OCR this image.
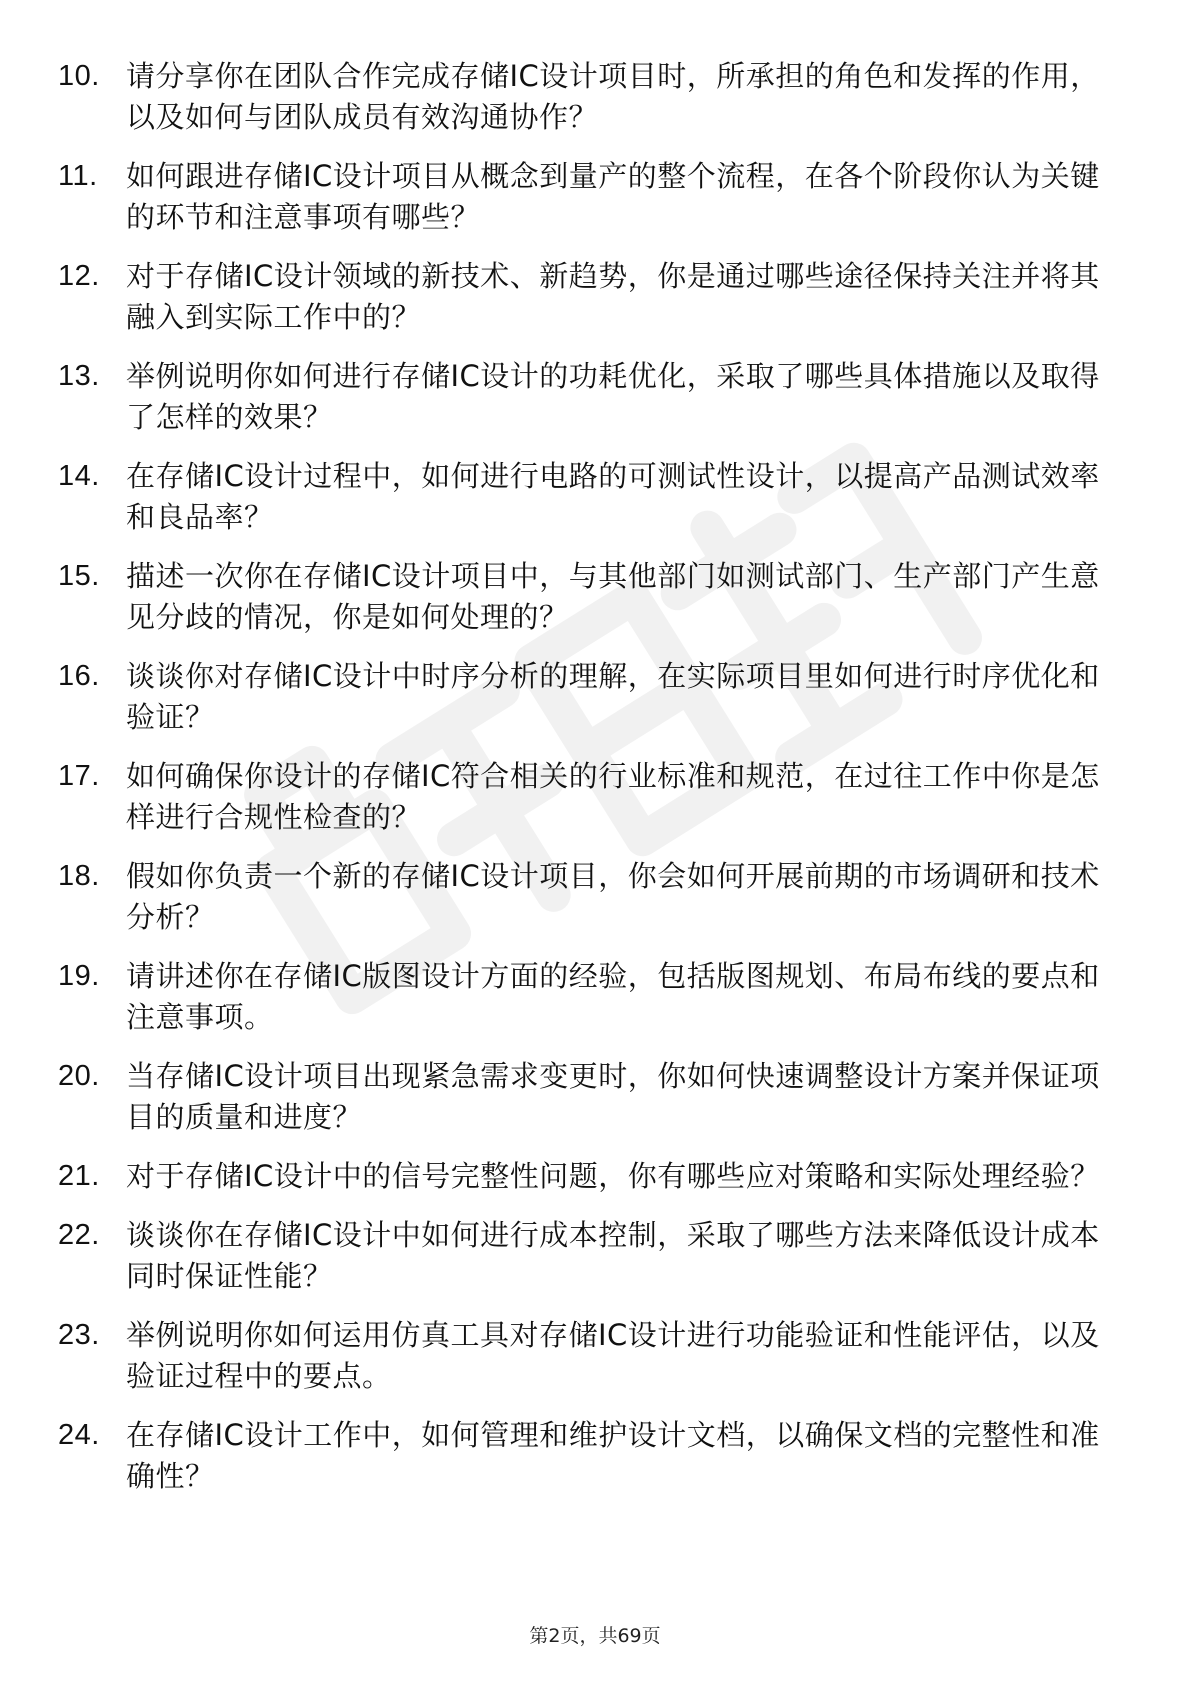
10. 请分享你在团队合作完成存储IC设计项目时，所承担的角色和发挥的作用，以及如何与团队成员有效沟通协作？
11. 如何跟进存储IC设计项目从概念到量产的整个流程，在各个阶段你认为关键的环节和注意事项有哪些？
12. 对于存储IC设计领域的新技术、新趋势，你是通过哪些途径保持关注并将其融入到实际工作中的？
13. 举例说明你如何进行存储IC设计的功耗优化，采取了哪些具体措施以及取得了怎样的效果？
14. 在存储IC设计过程中，如何进行电路的可测试性设计，以提高产品测试效率和良品率？
15. 描述一次你在存储IC设计项目中，与其他部门如测试部门、生产部门产生意见分歧的情况，你是如何处理的？
16. 谈谈你对存储IC设计中时序分析的理解，在实际项目里如何进行时序优化和验证？
17. 如何确保你设计的存储IC符合相关的行业标准和规范，在过往工作中你是怎样进行合规性检查的？
18. 假如你负责一个新的存储IC设计项目，你会如何开展前期的市场调研和技术分析？
19. 请讲述你在存储IC版图设计方面的经验，包括版图规划、布局布线的要点和注意事项。
20. 当存储IC设计项目出现紧急需求变更时，你如何快速调整设计方案并保证项目的质量和进度？
21. 对于存储IC设计中的信号完整性问题，你有哪些应对策略和实际处理经验？
22. 谈谈你在存储IC设计中如何进行成本控制，采取了哪些方法来降低设计成本同时保证性能？
23. 举例说明你如何运用仿真工具对存储IC设计进行功能验证和性能评估，以及验证过程中的要点。
24. 在存储IC设计工作中，如何管理和维护设计文档，以确保文档的完整性和准确性？
第2页，共69页
